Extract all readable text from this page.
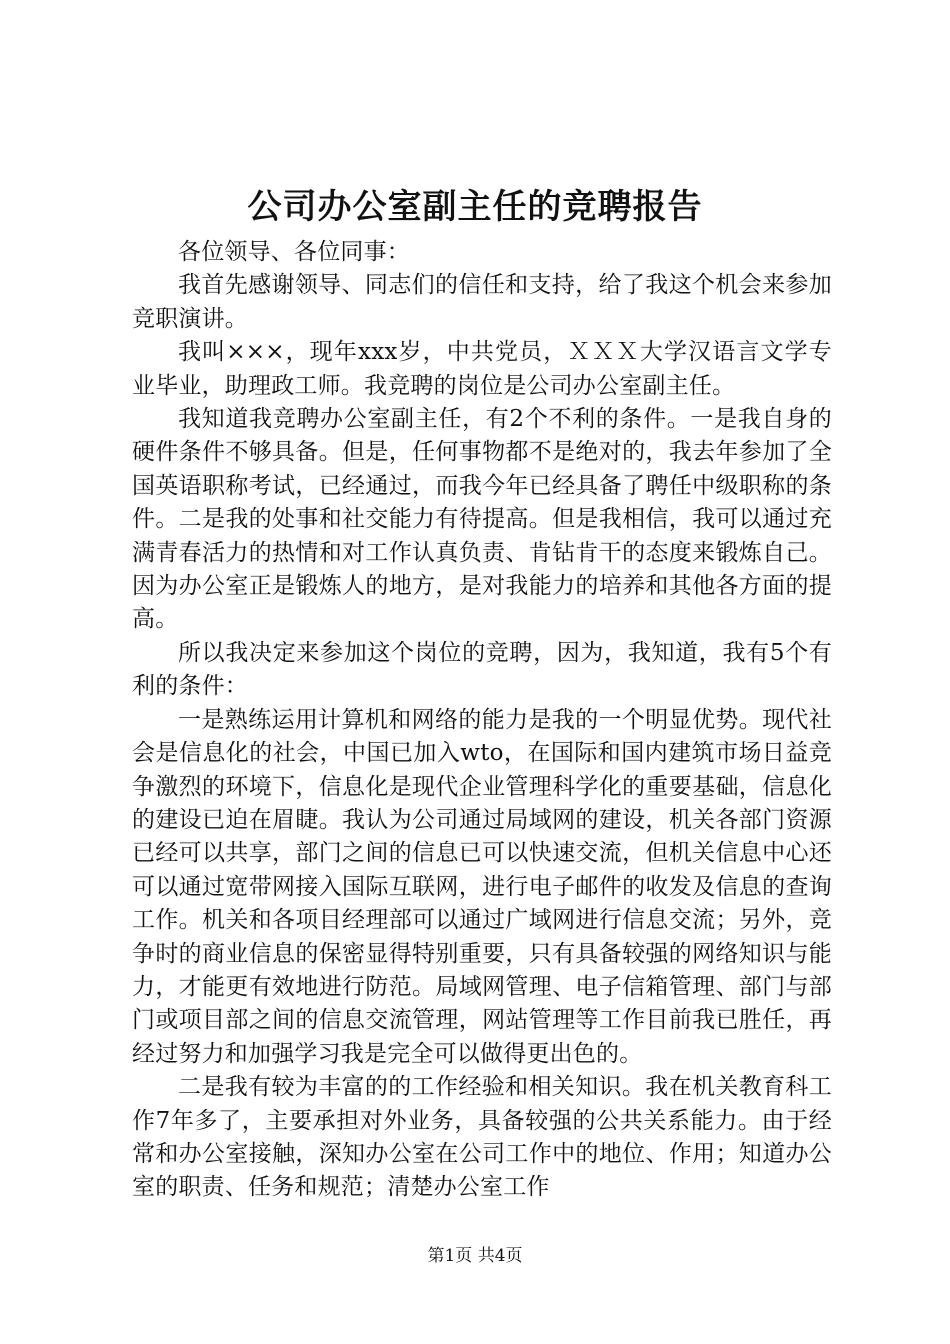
公司办公室副主任的竞聘报告

各位领导、各位同事：

我首先感谢领导、同志们的信任和支持，给了我这个机会来参加竞职演讲。

我叫×××，现年xxx岁，中共党员，ＸＸＸ大学汉语言文学专业毕业，助理政工师。我竞聘的岗位是公司办公室副主任。

我知道我竞聘办公室副主任，有2个不利的条件。一是我自身的硬件条件不够具备。但是，任何事物都不是绝对的，我去年参加了全国英语职称考试，已经通过，而我今年已经具备了聘任中级职称的条件。二是我的处事和社交能力有待提高。但是我相信，我可以通过充满青春活力的热情和对工作认真负责、肯钻肯干的态度来锻炼自己。因为办公室正是锻炼人的地方，是对我能力的培养和其他各方面的提高。

所以我决定来参加这个岗位的竞聘，因为，我知道，我有5个有利的条件：

一是熟练运用计算机和网络的能力是我的一个明显优势。现代社会是信息化的社会，中国已加入wto，在国际和国内建筑市场日益竞争激烈的环境下，信息化是现代企业管理科学化的重要基础，信息化的建设已迫在眉睫。我认为公司通过局域网的建设，机关各部门资源已经可以共享，部门之间的信息已可以快速交流，但机关信息中心还可以通过宽带网接入国际互联网，进行电子邮件的收发及信息的查询工作。机关和各项目经理部可以通过广域网进行信息交流；另外，竞争时的商业信息的保密显得特别重要，只有具备较强的网络知识与能力，才能更有效地进行防范。局域网管理、电子信箱管理、部门与部门或项目部之间的信息交流管理，网站管理等工作目前我已胜任，再经过努力和加强学习我是完全可以做得更出色的。

二是我有较为丰富的的工作经验和相关知识。我在机关教育科工作7年多了，主要承担对外业务，具备较强的公共关系能力。由于经常和办公室接触，深知办公室在公司工作中的地位、作用；知道办公室的职责、任务和规范；清楚办公室工作

第1页 共4页
